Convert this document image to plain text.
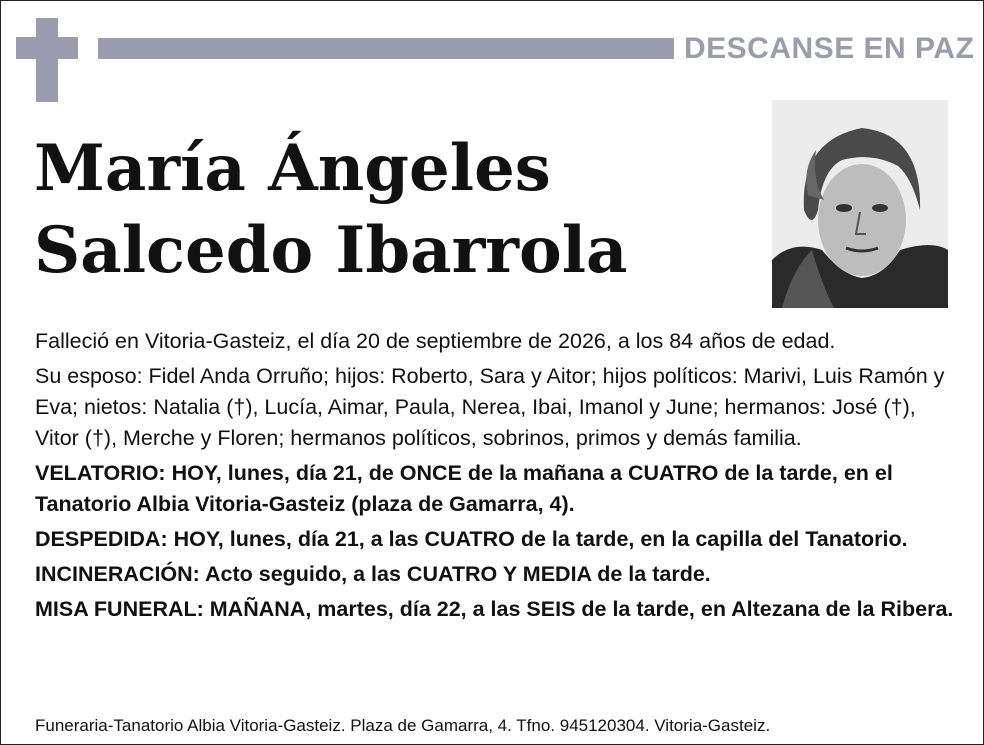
DESCANSE EN PAZ
María Ángeles
Salcedo Ibarrola

Falleció en Vitoria-Gasteiz, el día 20 de septiembre de 2026, a los 84 años de edad.

Su esposo: Fidel Anda Orruño; hijos: Roberto, Sara y Aitor; hijos políticos: Marivi, Luis Ramón y Eva; nietos: Natalia (†), Lucía, Aimar, Paula, Nerea, Ibai, Imanol y June; hermanos: José (†), Vitor (†), Merche y Floren; hermanos políticos, sobrinos, primos y demás familia.

VELATORIO: HOY, lunes, día 21, de ONCE de la mañana a CUATRO de la tarde, en el Tanatorio Albia Vitoria-Gasteiz (plaza de Gamarra, 4).

DESPEDIDA: HOY, lunes, día 21, a las CUATRO de la tarde, en la capilla del Tanatorio.

INCINERACIÓN: Acto seguido, a las CUATRO Y MEDIA de la tarde.

MISA FUNERAL: MAÑANA, martes, día 22, a las SEIS de la tarde, en Altezana de la Ribera.

Funeraria-Tanatorio Albia Vitoria-Gasteiz. Plaza de Gamarra, 4. Tfno. 945120304. Vitoria-Gasteiz.
